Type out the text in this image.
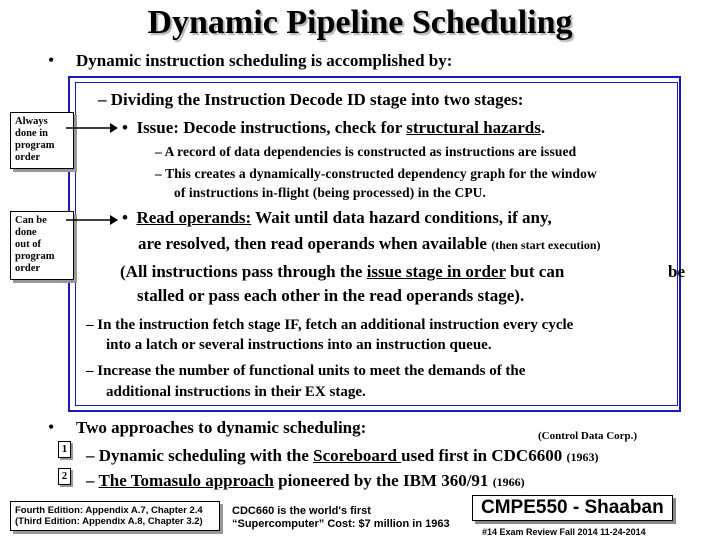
Dynamic Pipeline Scheduling
• Dynamic instruction scheduling is accomplished by:
– Dividing the Instruction Decode ID stage into two stages:
Always
done in
program
order
Can be
done
out of
program
order
•  Issue: Decode instructions, check for structural hazards.
– A record of data dependencies is constructed as instructions are issued
– This creates a dynamically-constructed dependency graph for the window
of instructions in-flight (being processed) in the CPU.
•  Read operands: Wait until data hazard conditions, if any,
are resolved, then read operands when available (then start execution)
(All instructions pass through the issue stage in order but can	be
stalled or pass each other in the read operands stage).
– In the instruction fetch stage IF, fetch an additional instruction every cycle
into a latch or several instructions into an instruction queue.
– Increase the number of functional units to meet the demands of the
additional instructions in their EX stage.
• Two approaches to dynamic scheduling:	(Control Data Corp.)
1 – Dynamic scheduling with the Scoreboard used first in CDC6600 (1963)
2 – The Tomasulo approach pioneered by the IBM 360/91 (1966)
Fourth Edition: Appendix A.7, Chapter 2.4
(Third Edition: Appendix A.8, Chapter 3.2)
CDC660 is the world's first
“Supercomputer” Cost: $7 million in 1963
CMPE550 - Shaaban
#14 Exam Review Fall 2014 11-24-2014
